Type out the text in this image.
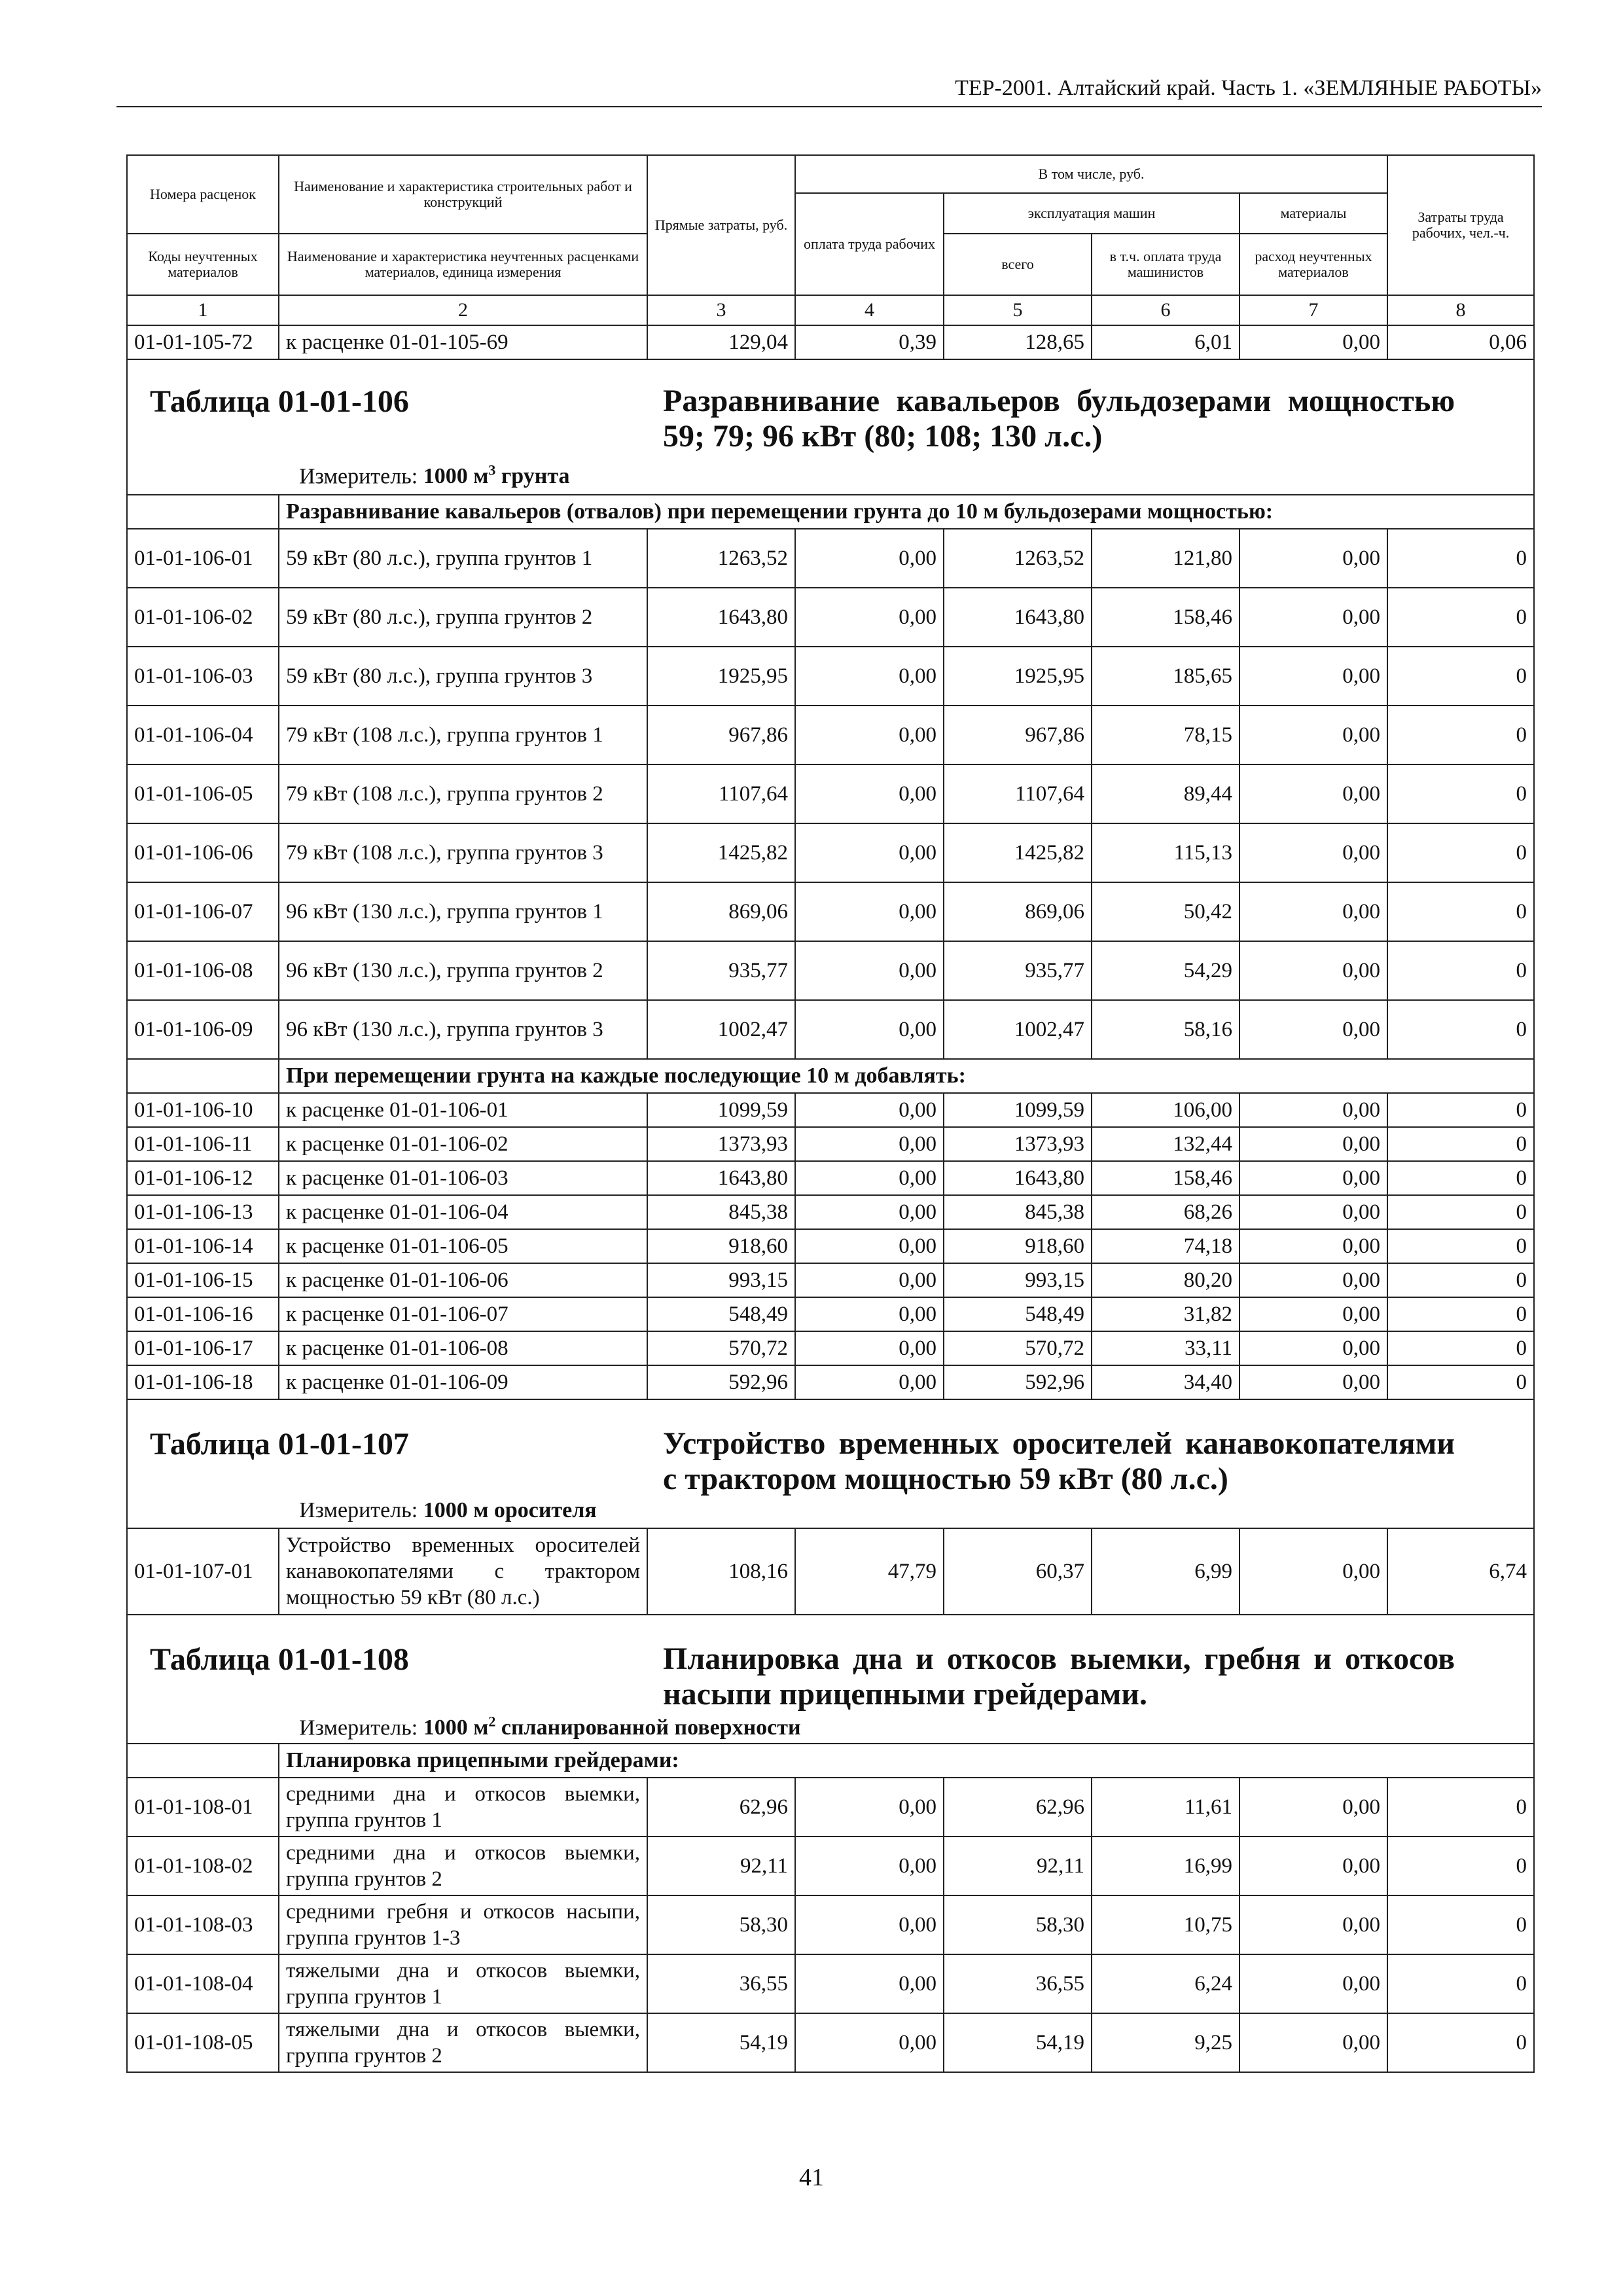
ТЕР-2001. Алтайский край. Часть 1. «ЗЕМЛЯНЫЕ РАБОТЫ»
Номера расценок	Наименование и характеристика строительных работ и конструкций	Прямые затраты, руб.	В том числе, руб.				Затраты труда рабочих, чел.-ч.
			оплата труда рабочих	эксплуатация машин		материалы	
Коды неучтенных материалов	Наименование и характеристика неучтенных расценками материалов, единица измерения			всего	в т.ч. оплата труда машинистов	расход неучтенных материалов	
1	2	3	4	5	6	7	8
01-01-105-72	к расценке 01-01-105-69	129,04	0,39	128,65	6,01	0,00	0,06

Таблица 01-01-106 Разравнивание кавальеров бульдозерами мощностью 59; 79; 96 кВт (80; 108; 130 л.с.)
Измеритель: 1000 $м^3$ грунта							

	Разравнивание кавальеров (отвалов) при перемещении грунта до 10 м бульдозерами мощностью:						
01-01-106-01	59 кВт (80 л.с.), группа грунтов 1	1263,52	0,00	1263,52	121,80	0,00	0
01-01-106-02	59 кВт (80 л.с.), группа грунтов 2	1643,80	0,00	1643,80	158,46	0,00	0
01-01-106-03	59 кВт (80 л.с.), группа грунтов 3	1925,95	0,00	1925,95	185,65	0,00	0
01-01-106-04	79 кВт (108 л.с.), группа грунтов 1	967,86	0,00	967,86	78,15	0,00	0
01-01-106-05	79 кВт (108 л.с.), группа грунтов 2	1107,64	0,00	1107,64	89,44	0,00	0
01-01-106-06	79 кВт (108 л.с.), группа грунтов 3	1425,82	0,00	1425,82	115,13	0,00	0
01-01-106-07	96 кВт (130 л.с.), группа грунтов 1	869,06	0,00	869,06	50,42	0,00	0
01-01-106-08	96 кВт (130 л.с.), группа грунтов 2	935,77	0,00	935,77	54,29	0,00	0
01-01-106-09	96 кВт (130 л.с.), группа грунтов 3	1002,47	0,00	1002,47	58,16	0,00	0
	При перемещении грунта на каждые последующие 10 м добавлять:						
01-01-106-10	к расценке 01-01-106-01	1099,59	0,00	1099,59	106,00	0,00	0
01-01-106-11	к расценке 01-01-106-02	1373,93	0,00	1373,93	132,44	0,00	0
01-01-106-12	к расценке 01-01-106-03	1643,80	0,00	1643,80	158,46	0,00	0
01-01-106-13	к расценке 01-01-106-04	845,38	0,00	845,38	68,26	0,00	0
01-01-106-14	к расценке 01-01-106-05	918,60	0,00	918,60	74,18	0,00	0
01-01-106-15	к расценке 01-01-106-06	993,15	0,00	993,15	80,20	0,00	0
01-01-106-16	к расценке 01-01-106-07	548,49	0,00	548,49	31,82	0,00	0
01-01-106-17	к расценке 01-01-106-08	570,72	0,00	570,72	33,11	0,00	0
01-01-106-18	к расценке 01-01-106-09	592,96	0,00	592,96	34,40	0,00	0

Таблица 01-01-107 Устройство временных оросителей канавокопателями с трактором мощностью 59 кВт (80 л.с.)
Измеритель: 1000 м оросителя							

01-01-107-01	Устройство временных оросителей канавокопателями с трактором мощностью 59 кВт (80 л.с.)	108,16	47,79	60,37	6,99	0,00	6,74

Таблица 01-01-108 Планировка дна и откосов выемки, гребня и откосов насыпи прицепными грейдерами.
Измеритель: 1000 $м^2$ спланированной поверхности							

	Планировка прицепными грейдерами:						
01-01-108-01	средними дна и откосов выемки, группа грунтов 1	62,96	0,00	62,96	11,61	0,00	0
01-01-108-02	средними дна и откосов выемки, группа грунтов 2	92,11	0,00	92,11	16,99	0,00	0
01-01-108-03	средними гребня и откосов насыпи, группа грунтов 1-3	58,30	0,00	58,30	10,75	0,00	0
01-01-108-04	тяжелыми дна и откосов выемки, группа грунтов 1	36,55	0,00	36,55	6,24	0,00	0
01-01-108-05	тяжелыми дна и откосов выемки, группа грунтов 2	54,19	0,00	54,19	9,25	0,00	0
41
